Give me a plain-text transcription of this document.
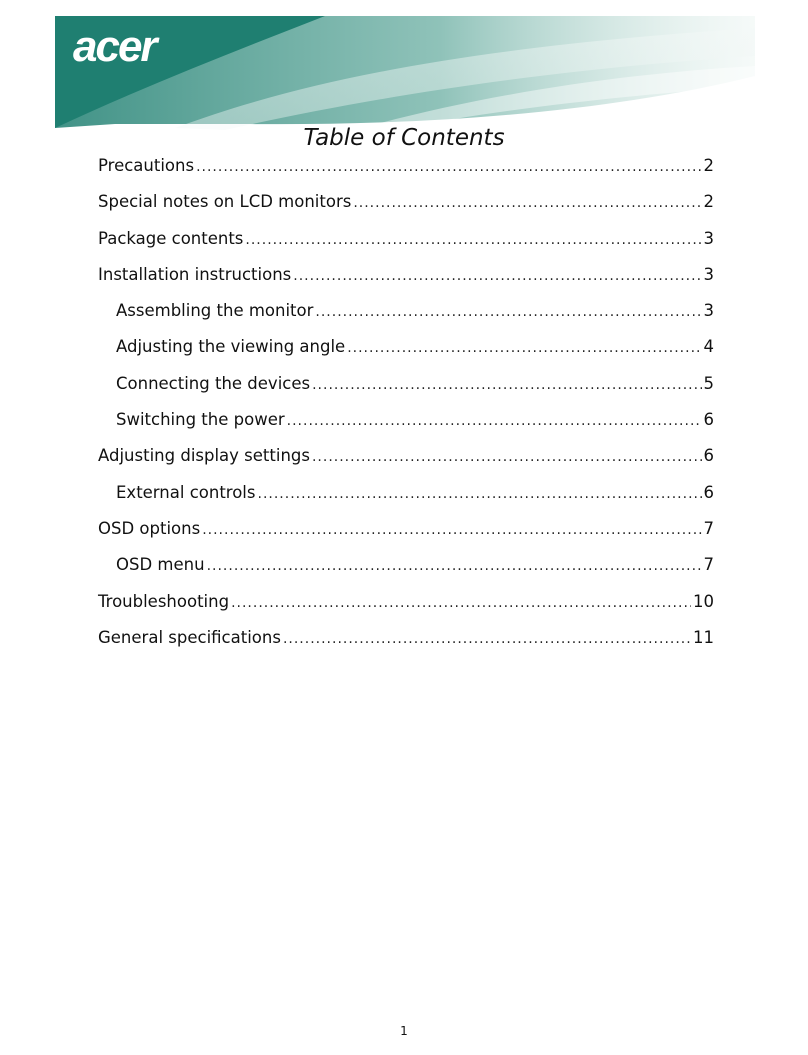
acer
Table of Contents
Precautions .....	2
Special notes on LCD monitors .....	2
Package contents .....	3
Installation instructions .....	3
Assembling the monitor .....	3
Adjusting the viewing angle .....	4
Connecting the devices .....	5
Switching the power .....	6
Adjusting display settings .....	6
External controls .....	6
OSD options .....	7
OSD menu .....	7
Troubleshooting .....	10
General specifications .....	11
1
